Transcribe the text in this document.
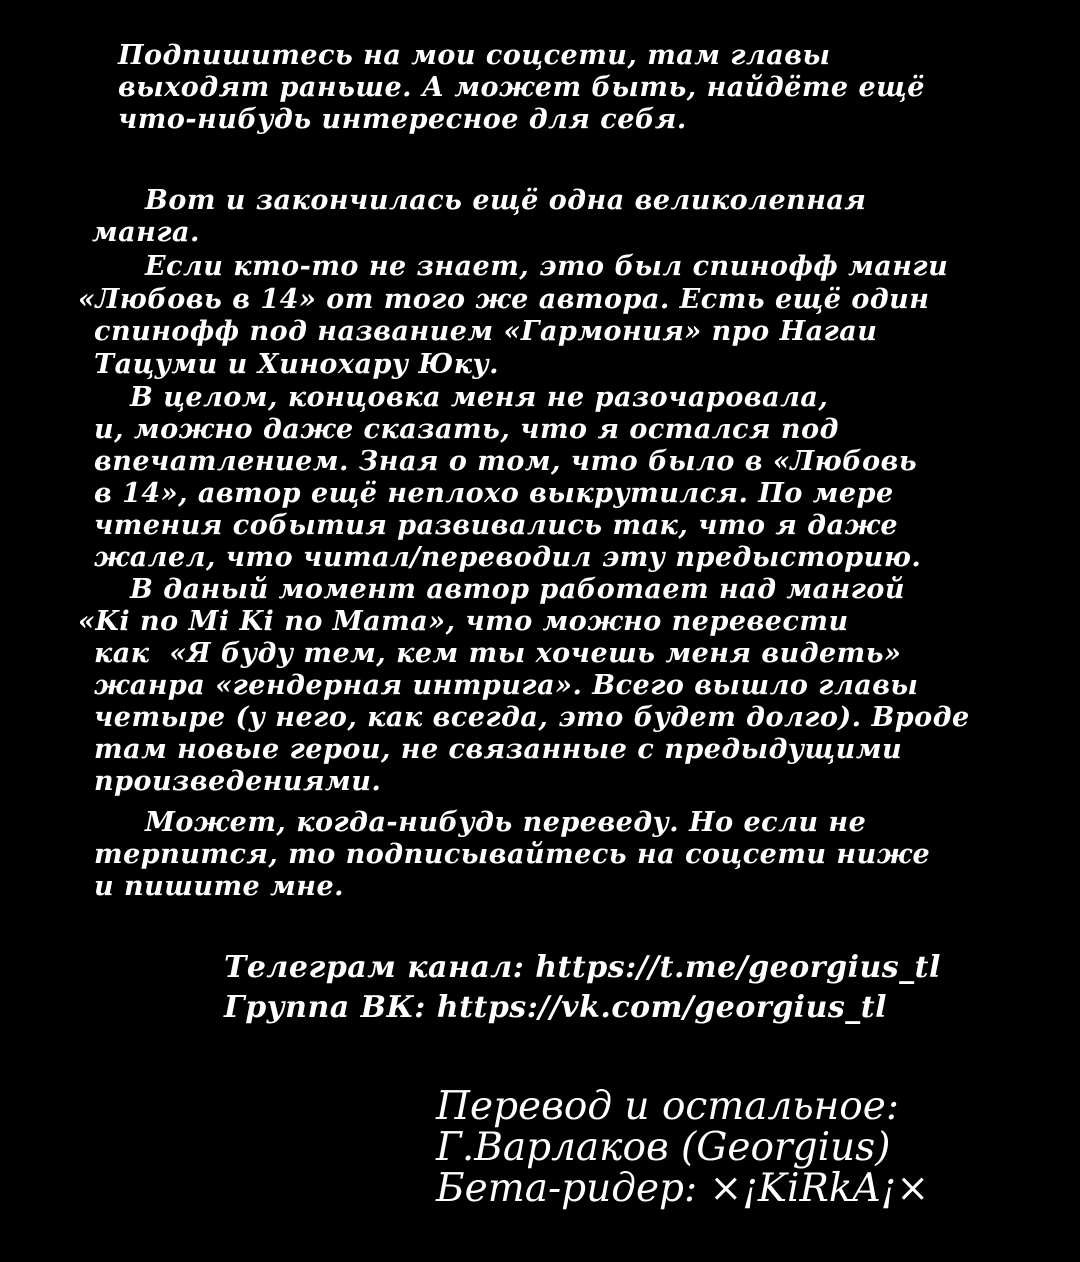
Подпишитесь на мои соцсети, там главы
выходят раньше. А может быть, найдёте ещё
что-нибудь интересное для себя.
Вот и закончилась ещё одна великолепная
манга.
Если кто-то не знает, это был спинофф манги
«Любовь в 14» от того же автора. Есть ещё один
спинофф под названием «Гармония» про Нагаи
Тацуми и Хинохару Юку.
В целом, концовка меня не разочаровала,
и, можно даже сказать, что я остался под
впечатлением. Зная о том, что было в «Любовь
в 14», автор ещё неплохо выкрутился. По мере
чтения события развивались так, что я даже
жалел, что читал/переводил эту предысторию.
В даный момент автор работает над мангой
«Ki по Mi Ki по Mama», что можно перевести
как  «Я буду тем, кем ты хочешь меня видеть»
жанра «гендерная интрига». Всего вышло главы
четыре (у него, как всегда, это будет долго). Вроде
там новые герои, не связанные с предыдущими
произведениями.
Может, когда-нибудь переведу. Но если не
терпится, то подписывайтесь на соцсети ниже
и пишите мне.
Телеграм канал: https://t.me/georgius_tl
Группа ВК: https://vk.com/georgius_tl
Перевод и остальное:
Г.Варлаков (Georgius)
Бета-ридер: ×¡KiRkA¡×
